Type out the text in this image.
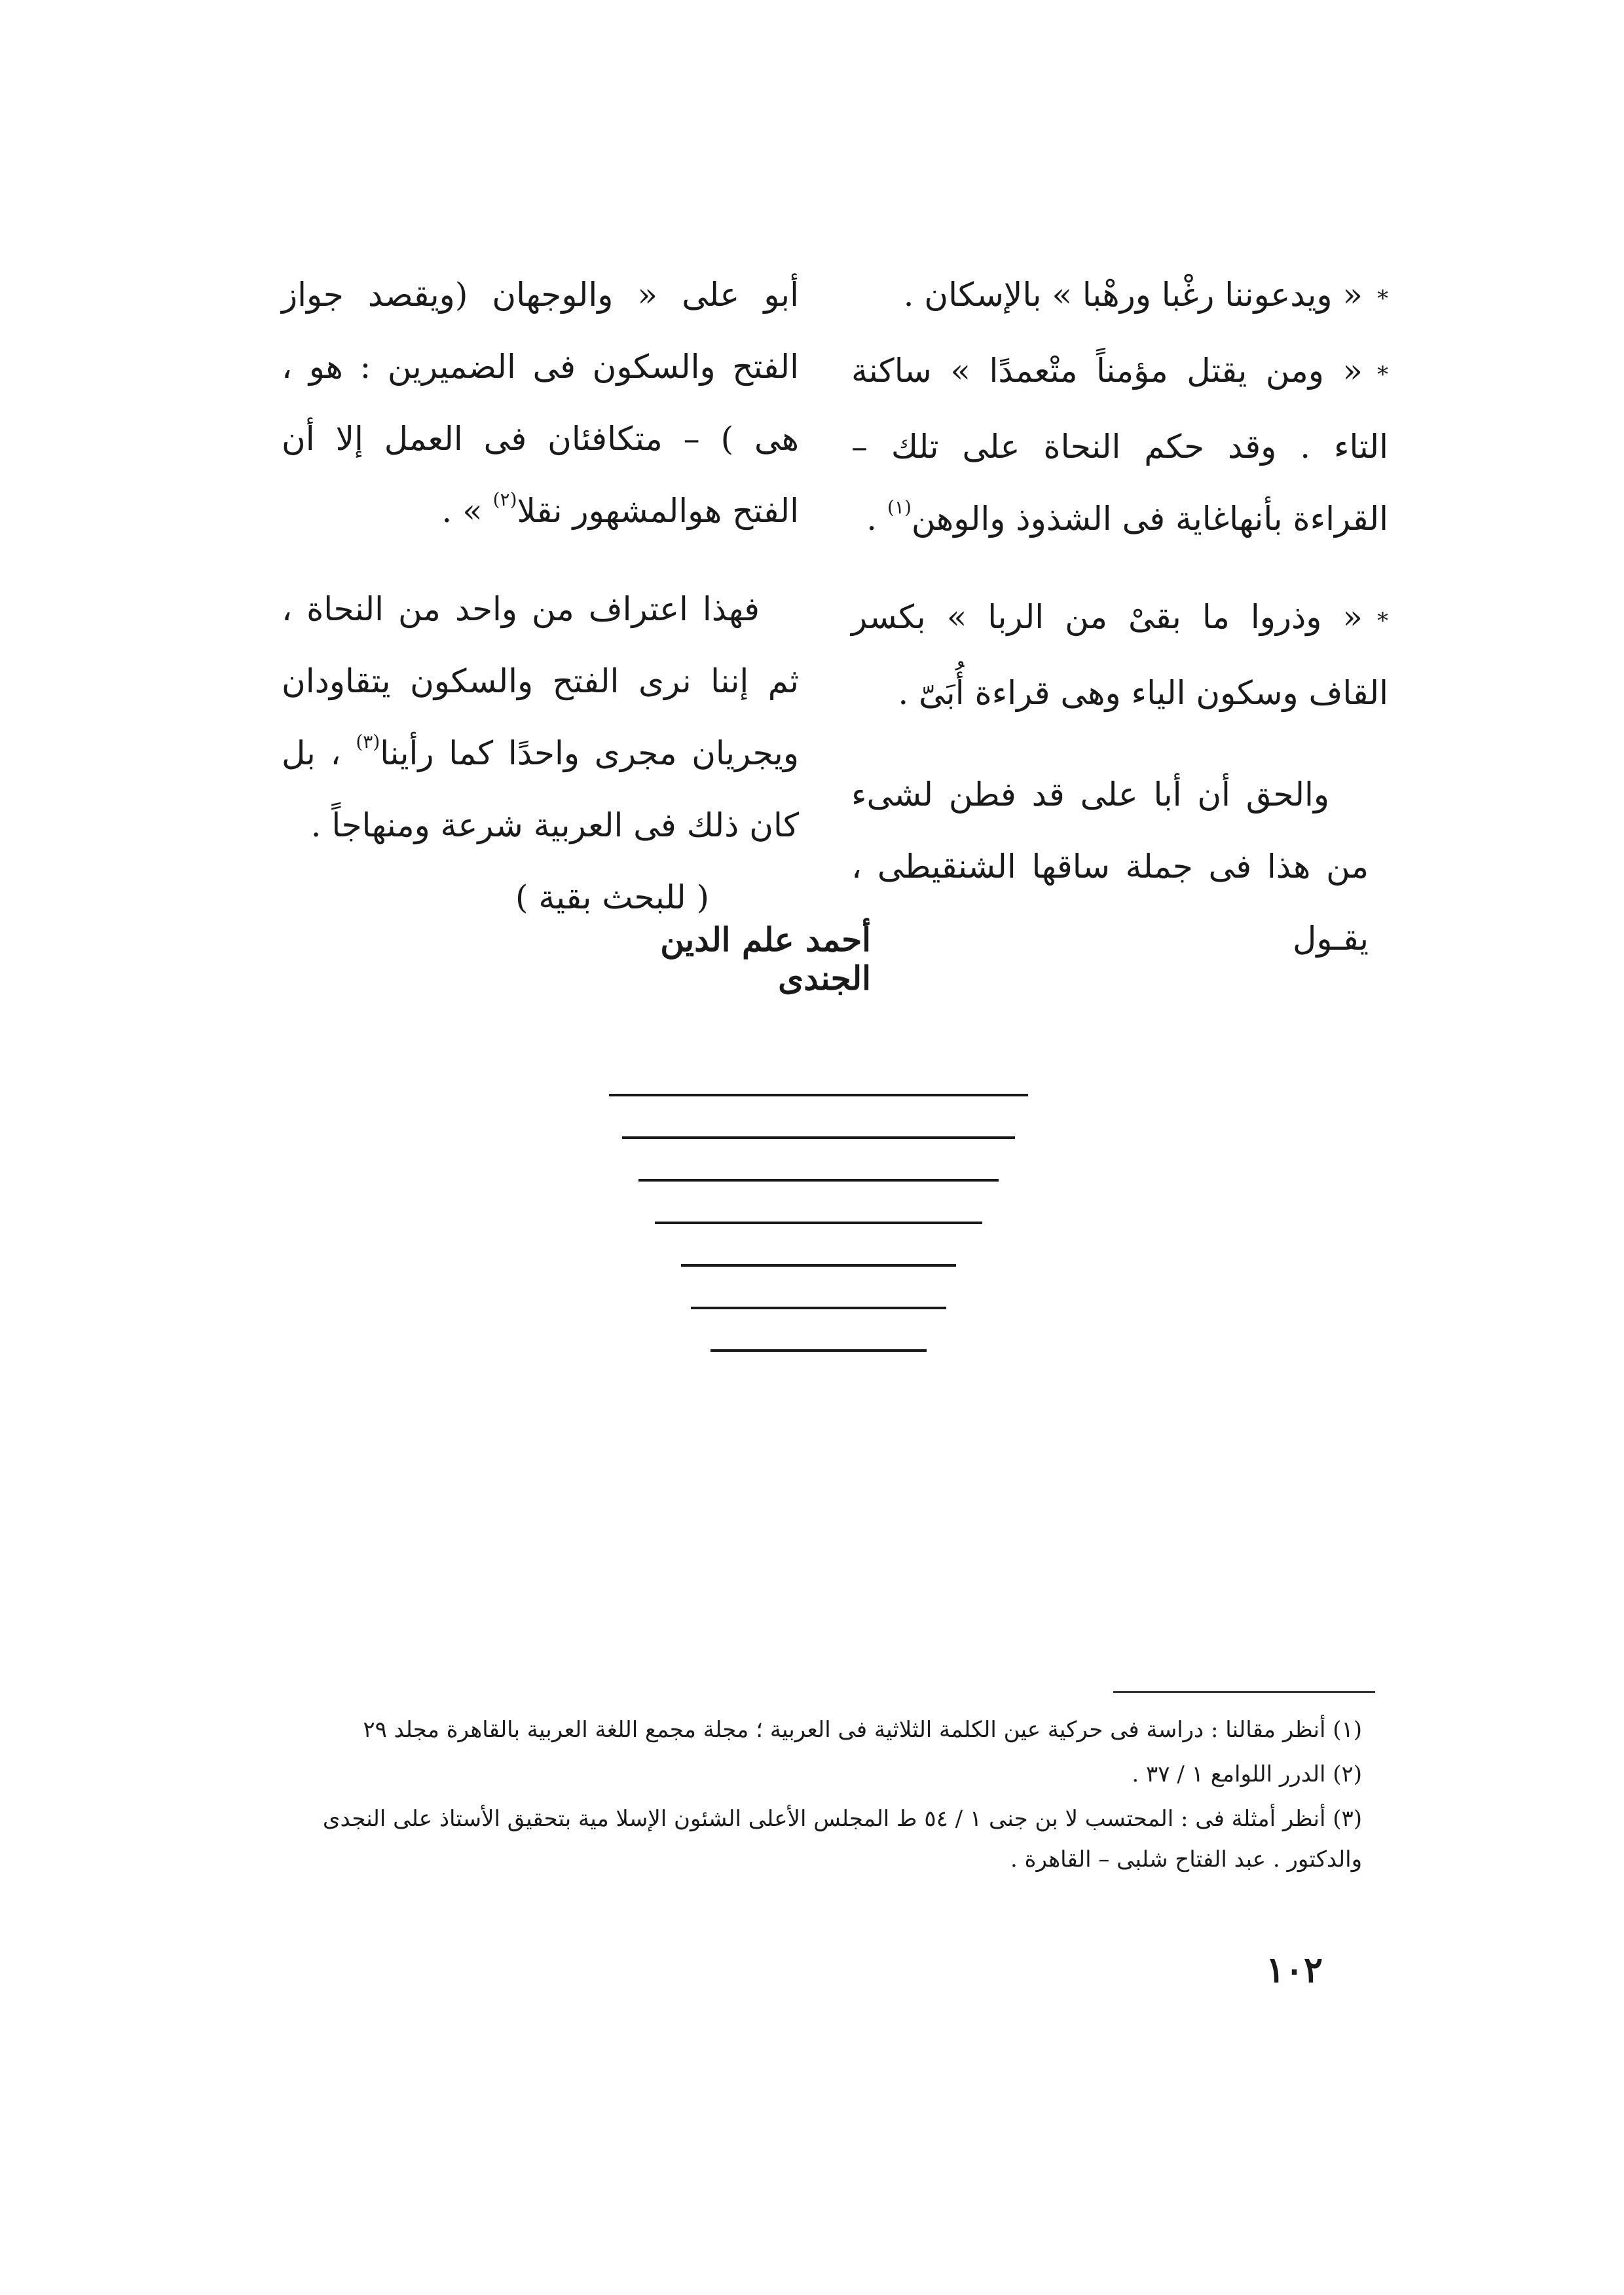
*« ويدعوننا رغْبا ورهْبا » بالإسكان .

*« ومن يقتل مؤمناً متْعمدًا » ساكنة التاء . وقد حكم النحاة على تلك – القراءة بأنهاغاية فى الشذوذ والوهن$^{(١)}$ .

*« وذروا ما بقىْ من الربا » بكسر القاف وسكون الياء وهى قراءة أُبَىّ .

والحق أن أبا على قد فطن لشىء من هذا فى جملة ساقها الشنقيطى ، يقـول

أبو على « والوجهان (ويقصد جواز الفتح والسكون فى الضميرين : هو ، هى ) – متكافئان فى العمل إلا أن الفتح هوالمشهور نقلا$^{(٢)}$ » .

فهذا اعتراف من واحد من النحاة ، ثم إننا نرى الفتح والسكون يتقاودان ويجريان مجرى واحدًا كما رأينا$^{(٣)}$ ، بل كان ذلك فى العربية شرعة ومنهاجاً .

( للبحث بقية )

أحمد علم الدين الجندى

(١) أنظر مقالنا : دراسة فى حركية عين الكلمة الثلاثية فى العربية ؛ مجلة مجمع اللغة العربية بالقاهرة مجلد ٢٩

(٢) الدرر اللوامع ١ / ٣٧ .

(٣) أنظر أمثلة فى : المحتسب لا بن جنى ١ / ٥٤ ط المجلس الأعلى الشئون الإسلا مية بتحقيق الأستاذ على النجدى والدكتور . عبد الفتاح شلبى – القاهرة .

١٠٢
